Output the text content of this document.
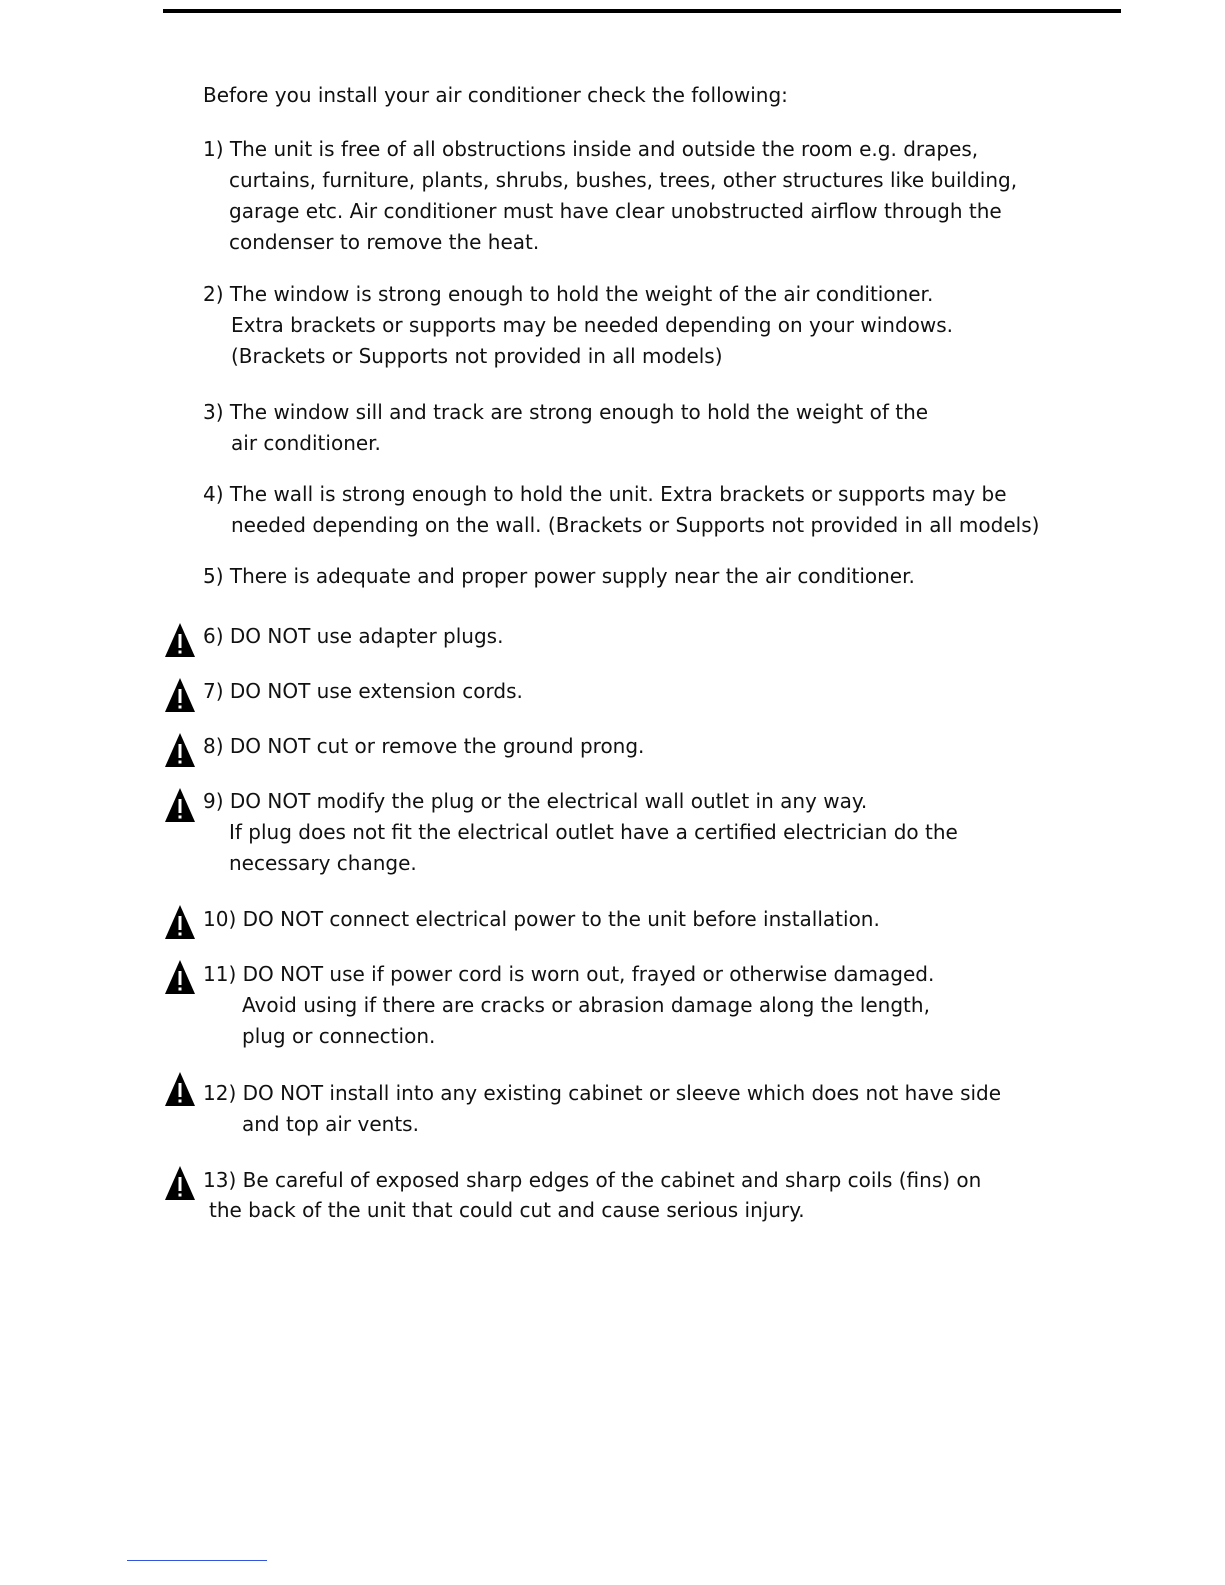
Before you install your air conditioner check the following:
1) The unit is free of all obstructions inside and outside the room e.g. drapes,
curtains, furniture, plants, shrubs, bushes, trees, other structures like building,
garage etc. Air conditioner must have clear unobstructed airflow through the
condenser to remove the heat.
2) The window is strong enough to hold the weight of the air conditioner.
Extra brackets or supports may be needed depending on your windows.
(Brackets or Supports not provided in all models)
3) The window sill and track are strong enough to hold the weight of the
air conditioner.
4) The wall is strong enough to hold the unit. Extra brackets or supports may be
needed depending on the wall. (Brackets or Supports not provided in all models)
5) There is adequate and proper power supply near the air conditioner.
6) DO NOT use adapter plugs.
7) DO NOT use extension cords.
8) DO NOT cut or remove the ground prong.
9) DO NOT modify the plug or the electrical wall outlet in any way.
If plug does not fit the electrical outlet have a certified electrician do the
necessary change.
10) DO NOT connect electrical power to the unit before installation.
11) DO NOT use if power cord is worn out, frayed or otherwise damaged.
Avoid using if there are cracks or abrasion damage along the length,
plug or connection.
12) DO NOT install into any existing cabinet or sleeve which does not have side
and top air vents.
13) Be careful of exposed sharp edges of the cabinet and sharp coils (fins) on
the back of the unit that could cut and cause serious injury.
